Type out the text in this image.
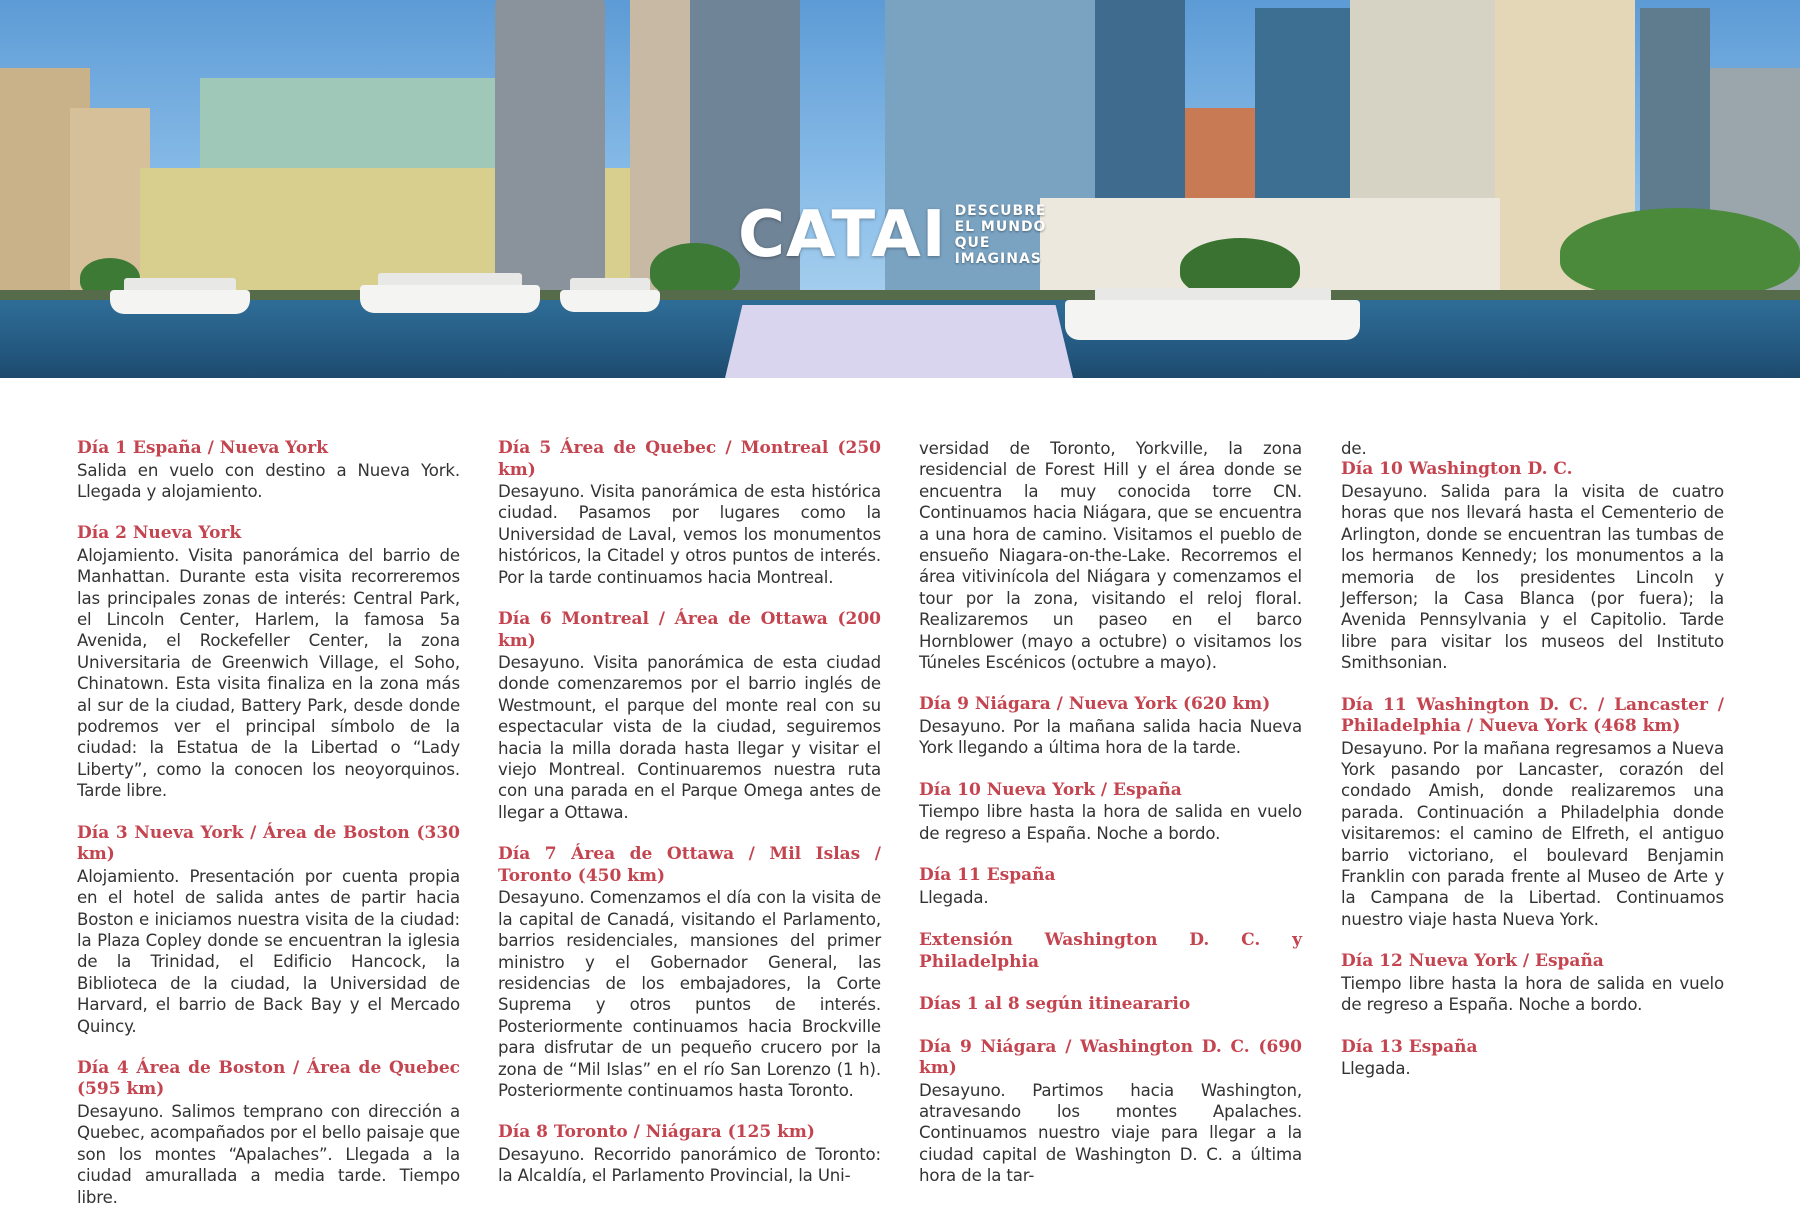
CATAI DESCUBRE EL MUNDO QUE IMAGINAS
Día 1 España / Nueva York
Salida en vuelo con destino a Nueva York. Llegada y alojamiento.
Día 2 Nueva York
Alojamiento. Visita panorámica del barrio de Manhattan. Durante esta visita recorreremos las principales zonas de interés: Central Park, el Lincoln Center, Harlem, la famosa 5a Avenida, el Rockefeller Center, la zona Universitaria de Greenwich Village, el Soho, Chinatown. Esta visita finaliza en la zona más al sur de la ciudad, Battery Park, desde donde podremos ver el principal símbolo de la ciudad: la Estatua de la Libertad o “Lady Liberty”, como la conocen los neoyorquinos. Tarde libre.
Día 3 Nueva York / Área de Boston (330 km)
Alojamiento. Presentación por cuenta propia en el hotel de salida antes de partir hacia Boston e iniciamos nuestra visita de la ciudad: la Plaza Copley donde se encuentran la iglesia de la Trinidad, el Edificio Hancock, la Biblioteca de la ciudad, la Universidad de Harvard, el barrio de Back Bay y el Mercado Quincy.
Día 4 Área de Boston / Área de Quebec (595 km)
Desayuno. Salimos temprano con dirección a Quebec, acompañados por el bello paisaje que son los montes “Apalaches”. Llegada a la ciudad amurallada a media tarde. Tiempo libre.
Día 5 Área de Quebec / Montreal (250 km)
Desayuno. Visita panorámica de esta histórica ciudad. Pasamos por lugares como la Universidad de Laval, vemos los monumentos históricos, la Citadel y otros puntos de interés. Por la tarde continuamos hacia Montreal.
Día 6 Montreal / Área de Ottawa (200 km)
Desayuno. Visita panorámica de esta ciudad donde comenzaremos por el barrio inglés de Westmount, el parque del monte real con su espectacular vista de la ciudad, seguiremos hacia la milla dorada hasta llegar y visitar el viejo Montreal. Continuaremos nuestra ruta con una parada en el Parque Omega antes de llegar a Ottawa.
Día 7 Área de Ottawa / Mil Islas / Toronto (450 km)
Desayuno. Comenzamos el día con la visita de la capital de Canadá, visitando el Parlamento, barrios residenciales, mansiones del primer ministro y el Gobernador General, las residencias de los embajadores, la Corte Suprema y otros puntos de interés. Posteriormente continuamos hacia Brockville para disfrutar de un pequeño crucero por la zona de “Mil Islas” en el río San Lorenzo (1 h). Posteriormente continuamos hasta Toronto.
Día 8 Toronto / Niágara (125 km)
Desayuno. Recorrido panorámico de Toronto: la Alcaldía, el Parlamento Provincial, la Uni-
versidad de Toronto, Yorkville, la zona residencial de Forest Hill y el área donde se encuentra la muy conocida torre CN. Continuamos hacia Niágara, que se encuentra a una hora de camino. Visitamos el pueblo de ensueño Niagara-on-the-Lake. Recorremos el área vitivinícola del Niágara y comenzamos el tour por la zona, visitando el reloj floral. Realizaremos un paseo en el barco Hornblower (mayo a octubre) o visitamos los Túneles Escénicos (octubre a mayo).
Día 9 Niágara / Nueva York (620 km)
Desayuno. Por la mañana salida hacia Nueva York llegando a última hora de la tarde.
Día 10 Nueva York / España
Tiempo libre hasta la hora de salida en vuelo de regreso a España. Noche a bordo.
Día 11 España
Llegada.
Extensión Washington D. C. y Philadelphia
Días 1 al 8 según itinearario
Día 9 Niágara / Washington D. C. (690 km)
Desayuno. Partimos hacia Washington, atravesando los montes Apalaches. Continuamos nuestro viaje para llegar a la ciudad capital de Washington D. C. a última hora de la tar-
de.
Día 10 Washington D. C.
Desayuno. Salida para la visita de cuatro horas que nos llevará hasta el Cementerio de Arlington, donde se encuentran las tumbas de los hermanos Kennedy; los monumentos a la memoria de los presidentes Lincoln y Jefferson; la Casa Blanca (por fuera); la Avenida Pennsylvania y el Capitolio. Tarde libre para visitar los museos del Instituto Smithsonian.
Día 11 Washington D. C. / Lancaster / Philadelphia / Nueva York (468 km)
Desayuno. Por la mañana regresamos a Nueva York pasando por Lancaster, corazón del condado Amish, donde realizaremos una parada. Continuación a Philadelphia donde visitaremos: el camino de Elfreth, el antiguo barrio victoriano, el boulevard Benjamin Franklin con parada frente al Museo de Arte y la Campana de la Libertad. Continuamos nuestro viaje hasta Nueva York.
Día 12 Nueva York / España
Tiempo libre hasta la hora de salida en vuelo de regreso a España. Noche a bordo.
Día 13 España
Llegada.
